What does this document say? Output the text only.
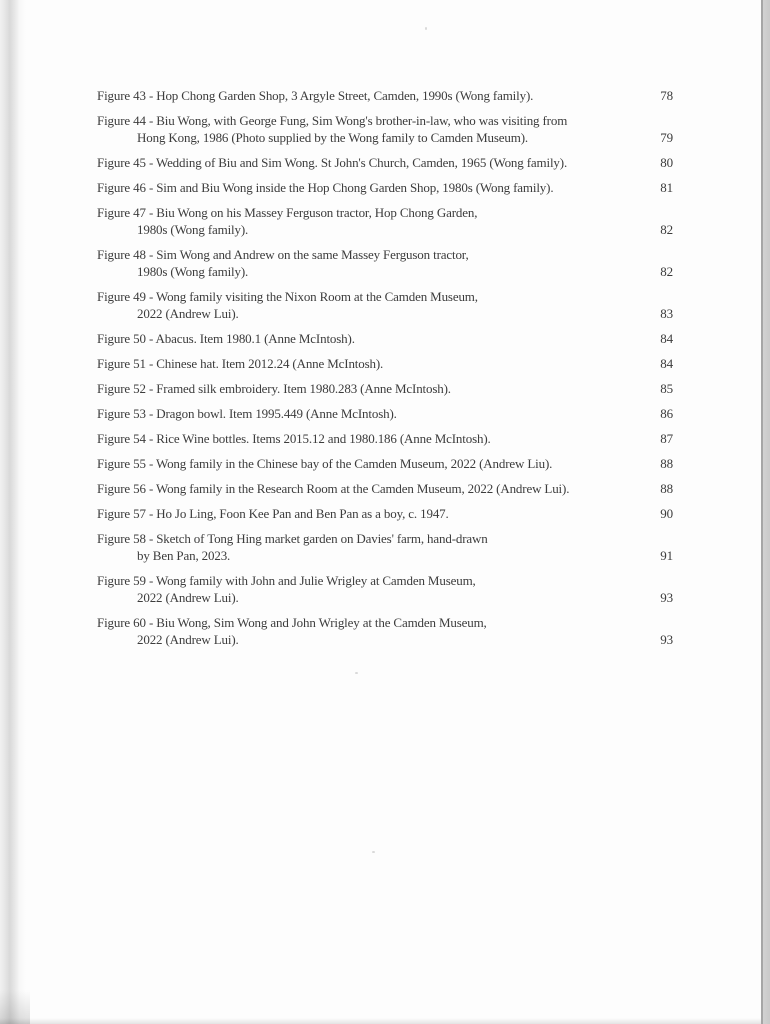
Figure 43 - Hop Chong Garden Shop, 3 Argyle Street, Camden, 1990s (Wong family).	78
Figure 44 - Biu Wong, with George Fung, Sim Wong's brother-in-law, who was visiting from
Hong Kong, 1986 (Photo supplied by the Wong family to Camden Museum).	79
Figure 45 - Wedding of Biu and Sim Wong. St John's Church, Camden, 1965 (Wong family).	80
Figure 46 - Sim and Biu Wong inside the Hop Chong Garden Shop, 1980s (Wong family).	81
Figure 47 - Biu Wong on his Massey Ferguson tractor, Hop Chong Garden,
1980s (Wong family).	82
Figure 48 - Sim Wong and Andrew on the same Massey Ferguson tractor,
1980s (Wong family).	82
Figure 49 - Wong family visiting the Nixon Room at the Camden Museum,
2022 (Andrew Lui).	83
Figure 50 - Abacus. Item 1980.1 (Anne McIntosh).	84
Figure 51 - Chinese hat. Item 2012.24 (Anne McIntosh).	84
Figure 52 - Framed silk embroidery. Item 1980.283 (Anne McIntosh).	85
Figure 53 - Dragon bowl. Item 1995.449 (Anne McIntosh).	86
Figure 54 - Rice Wine bottles. Items 2015.12 and 1980.186 (Anne McIntosh).	87
Figure 55 - Wong family in the Chinese bay of the Camden Museum, 2022 (Andrew Liu).	88
Figure 56 - Wong family in the Research Room at the Camden Museum, 2022 (Andrew Lui).	88
Figure 57 - Ho Jo Ling, Foon Kee Pan and Ben Pan as a boy, c. 1947.	90
Figure 58 - Sketch of Tong Hing market garden on Davies' farm, hand-drawn
by Ben Pan, 2023.	91
Figure 59 - Wong family with John and Julie Wrigley at Camden Museum,
2022 (Andrew Lui).	93
Figure 60 - Biu Wong, Sim Wong and John Wrigley at the Camden Museum,
2022 (Andrew Lui).	93
